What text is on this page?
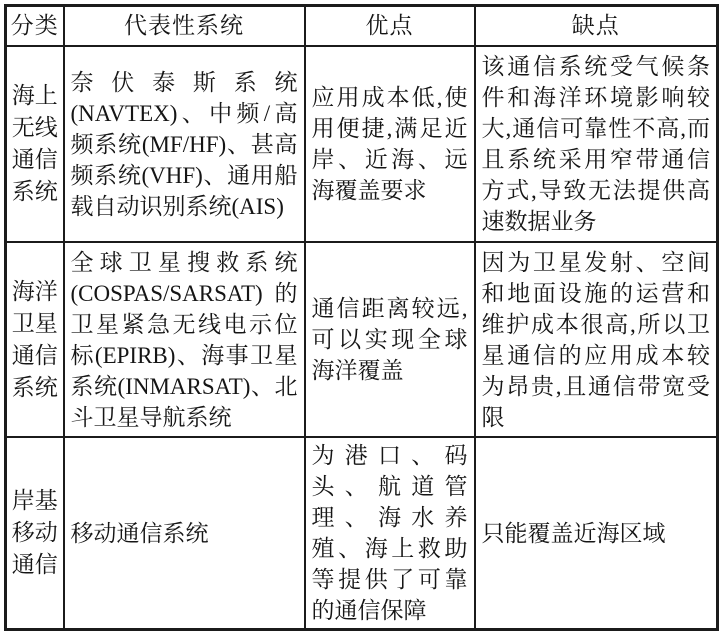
分类	代表性系统	优点	缺点
海上无线通信系统	奈伏泰斯系统(NAVTEX)、中频/高频系统(MF/HF)、甚高频系统(VHF)、通用船载自动识别系统(AIS)	应用成本低,使用便捷,满足近岸、近海、远海覆盖要求	该通信系统受气候条件和海洋环境影响较大,通信可靠性不高,而且系统采用窄带通信方式,导致无法提供高速数据业务
海洋卫星通信系统	全球卫星搜救系统(COSPAS/SARSAT)的卫星紧急无线电示位标(EPIRB)、海事卫星系统(INMARSAT)、北斗卫星导航系统	通信距离较远,可以实现全球海洋覆盖	因为卫星发射、空间和地面设施的运营和维护成本很高,所以卫星通信的应用成本较为昂贵,且通信带宽受限
岸基移动通信	移动通信系统	为港口、码头、航道管理、海水养殖、海上救助等提供了可靠的通信保障	只能覆盖近海区域
